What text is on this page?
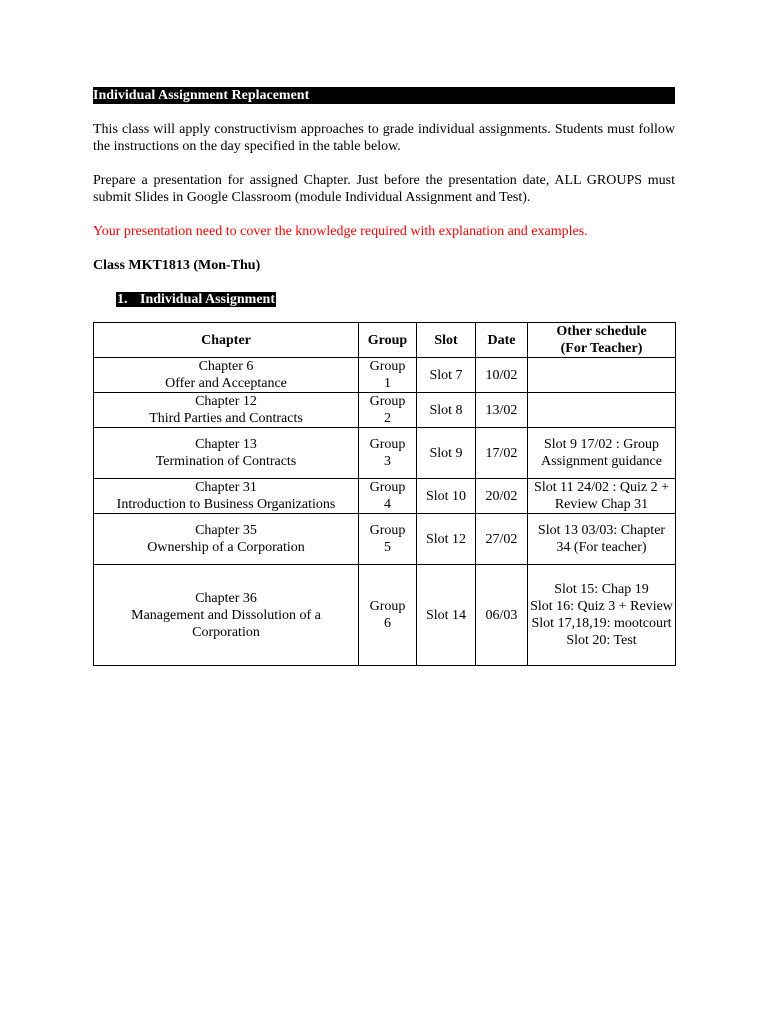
Individual Assignment Replacement

This class will apply constructivism approaches to grade individual assignments. Students must follow the instructions on the day specified in the table below.

Prepare a presentation for assigned Chapter. Just before the presentation date, ALL GROUPS must submit Slides in Google Classroom (module Individual Assignment and Test).

Your presentation need to cover the knowledge required with explanation and examples.

Class MKT1813 (Mon-Thu)

1. Individual Assignment

Chapter	Group	Slot	Date	Other schedule
(For Teacher)

Chapter 6
Offer and Acceptance	Group
1	Slot 7	10/02	

Chapter 12
Third Parties and Contracts	Group
2	Slot 8	13/02	

Chapter 13
Termination of Contracts	Group
3	Slot 9	17/02	Slot 9 17/02 : Group Assignment guidance

Chapter 31
Introduction to Business Organizations	Group
4	Slot 10	20/02	Slot 11 24/02 : Quiz 2 + Review Chap 31

Chapter 35
Ownership of a Corporation	Group
5	Slot 12	27/02	Slot 13 03/03: Chapter 34 (For teacher)

Chapter 36
Management and Dissolution of a Corporation	Group
6	Slot 14	06/03	Slot 15: Chap 19
Slot 16: Quiz 3 + Review
Slot 17,18,19: mootcourt
Slot 20: Test
